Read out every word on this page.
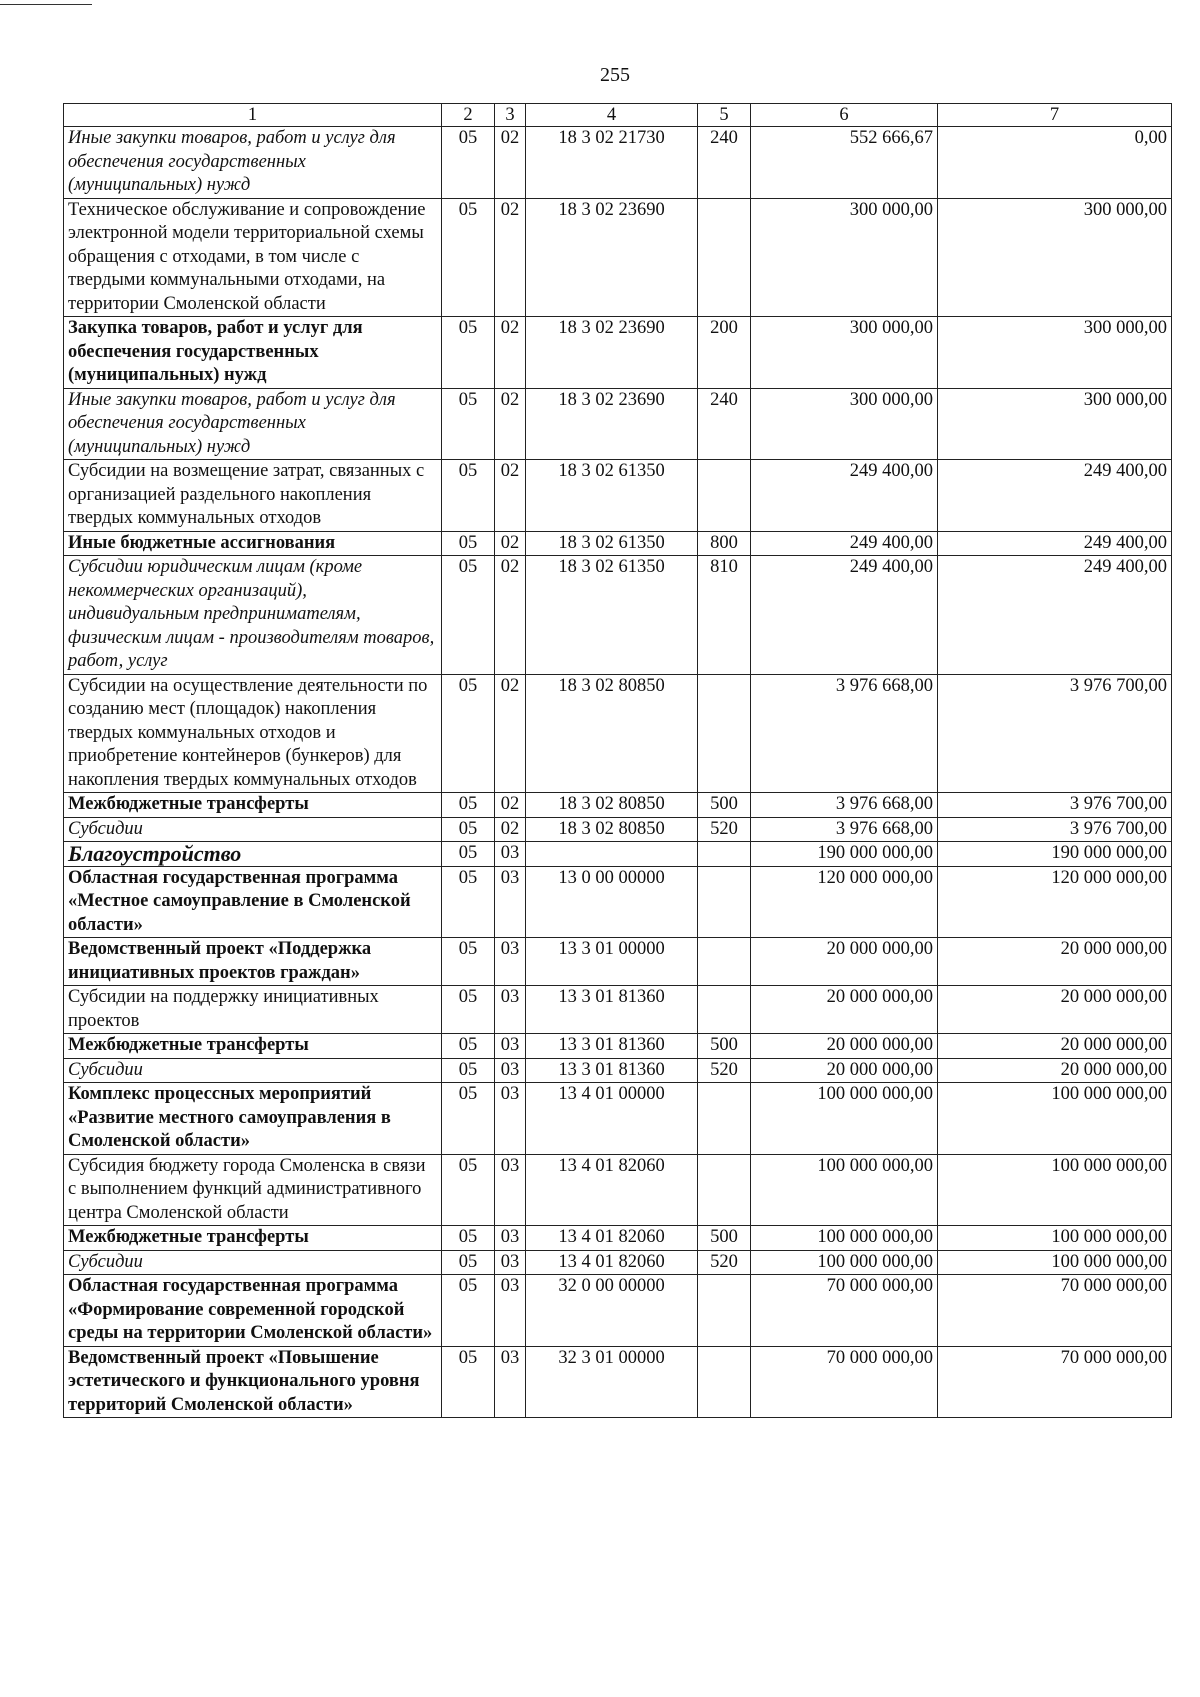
255
1	2	3	4	5	6	7
Иные закупки товаров, работ и услуг для обеспечения государственных (муниципальных) нужд	05	02	18 3 02 21730	240	552 666,67	0,00
Техническое обслуживание и сопровождение электронной модели территориальной схемы обращения с отходами, в том числе с твердыми коммунальными отходами, на территории Смоленской области	05	02	18 3 02 23690		300 000,00	300 000,00
Закупка товаров, работ и услуг для обеспечения государственных (муниципальных) нужд	05	02	18 3 02 23690	200	300 000,00	300 000,00
Иные закупки товаров, работ и услуг для обеспечения государственных (муниципальных) нужд	05	02	18 3 02 23690	240	300 000,00	300 000,00
Субсидии на возмещение затрат, связанных с организацией раздельного накопления твердых коммунальных отходов	05	02	18 3 02 61350		249 400,00	249 400,00
Иные бюджетные ассигнования	05	02	18 3 02 61350	800	249 400,00	249 400,00
Субсидии юридическим лицам (кроме некоммерческих организаций), индивидуальным предпринимателям, физическим лицам - производителям товаров, работ, услуг	05	02	18 3 02 61350	810	249 400,00	249 400,00
Субсидии на осуществление деятельности по созданию мест (площадок) накопления твердых коммунальных отходов и приобретение контейнеров (бункеров) для накопления твердых коммунальных отходов	05	02	18 3 02 80850		3 976 668,00	3 976 700,00
Межбюджетные трансферты	05	02	18 3 02 80850	500	3 976 668,00	3 976 700,00
Субсидии	05	02	18 3 02 80850	520	3 976 668,00	3 976 700,00
Благоустройство	05	03			190 000 000,00	190 000 000,00
Областная государственная программа «Местное самоуправление в Смоленской области»	05	03	13 0 00 00000		120 000 000,00	120 000 000,00
Ведомственный проект «Поддержка инициативных проектов граждан»	05	03	13 3 01 00000		20 000 000,00	20 000 000,00
Субсидии на поддержку инициативных проектов	05	03	13 3 01 81360		20 000 000,00	20 000 000,00
Межбюджетные трансферты	05	03	13 3 01 81360	500	20 000 000,00	20 000 000,00
Субсидии	05	03	13 3 01 81360	520	20 000 000,00	20 000 000,00
Комплекс процессных мероприятий «Развитие местного самоуправления в Смоленской области»	05	03	13 4 01 00000		100 000 000,00	100 000 000,00
Субсидия бюджету города Смоленска в связи с выполнением функций административного центра Смоленской области	05	03	13 4 01 82060		100 000 000,00	100 000 000,00
Межбюджетные трансферты	05	03	13 4 01 82060	500	100 000 000,00	100 000 000,00
Субсидии	05	03	13 4 01 82060	520	100 000 000,00	100 000 000,00
Областная государственная программа «Формирование современной городской среды на территории Смоленской области»	05	03	32 0 00 00000		70 000 000,00	70 000 000,00
Ведомственный проект «Повышение эстетического и функционального уровня территорий Смоленской области»	05	03	32 3 01 00000		70 000 000,00	70 000 000,00
